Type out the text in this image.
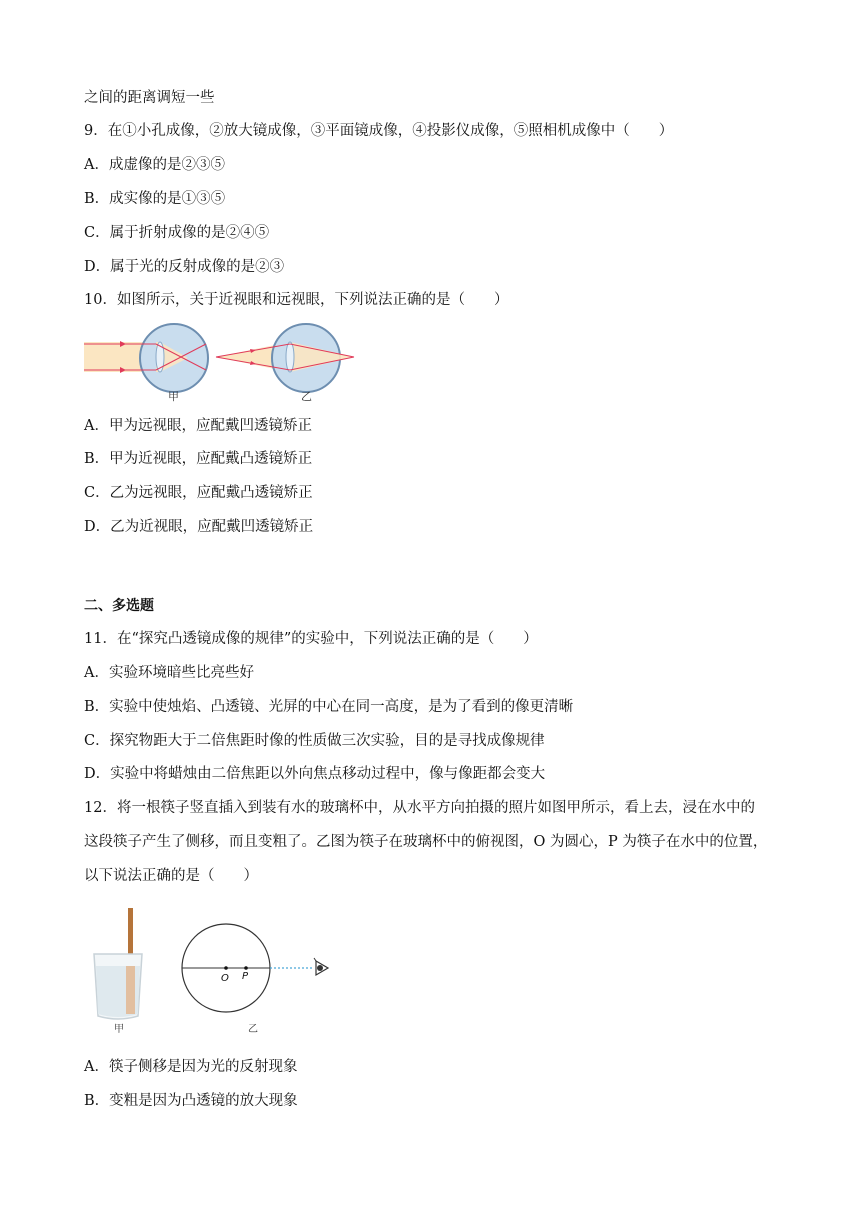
之间的距离调短一些
9．在①小孔成像，②放大镜成像，③平面镜成像，④投影仪成像，⑤照相机成像中（　　）
A．成虚像的是②③⑤
B．成实像的是①③⑤
C．属于折射成像的是②④⑤
D．属于光的反射成像的是②③
10．如图所示，关于近视眼和远视眼，下列说法正确的是（　　）
甲	乙
A．甲为远视眼，应配戴凹透镜矫正
B．甲为近视眼，应配戴凸透镜矫正
C．乙为远视眼，应配戴凸透镜矫正
D．乙为近视眼，应配戴凹透镜矫正
二、多选题
11．在“探究凸透镜成像的规律”的实验中，下列说法正确的是（　　）
A．实验环境暗些比亮些好
B．实验中使烛焰、凸透镜、光屏的中心在同一高度，是为了看到的像更清晰
C．探究物距大于二倍焦距时像的性质做三次实验，目的是寻找成像规律
D．实验中将蜡烛由二倍焦距以外向焦点移动过程中，像与像距都会变大
12．将一根筷子竖直插入到装有水的玻璃杯中，从水平方向拍摄的照片如图甲所示，看上去，浸在水中的
这段筷子产生了侧移，而且变粗了。乙图为筷子在玻璃杯中的俯视图，O 为圆心，P 为筷子在水中的位置，
以下说法正确的是（　　）
甲
O P
乙
A．筷子侧移是因为光的反射现象
B．变粗是因为凸透镜的放大现象
